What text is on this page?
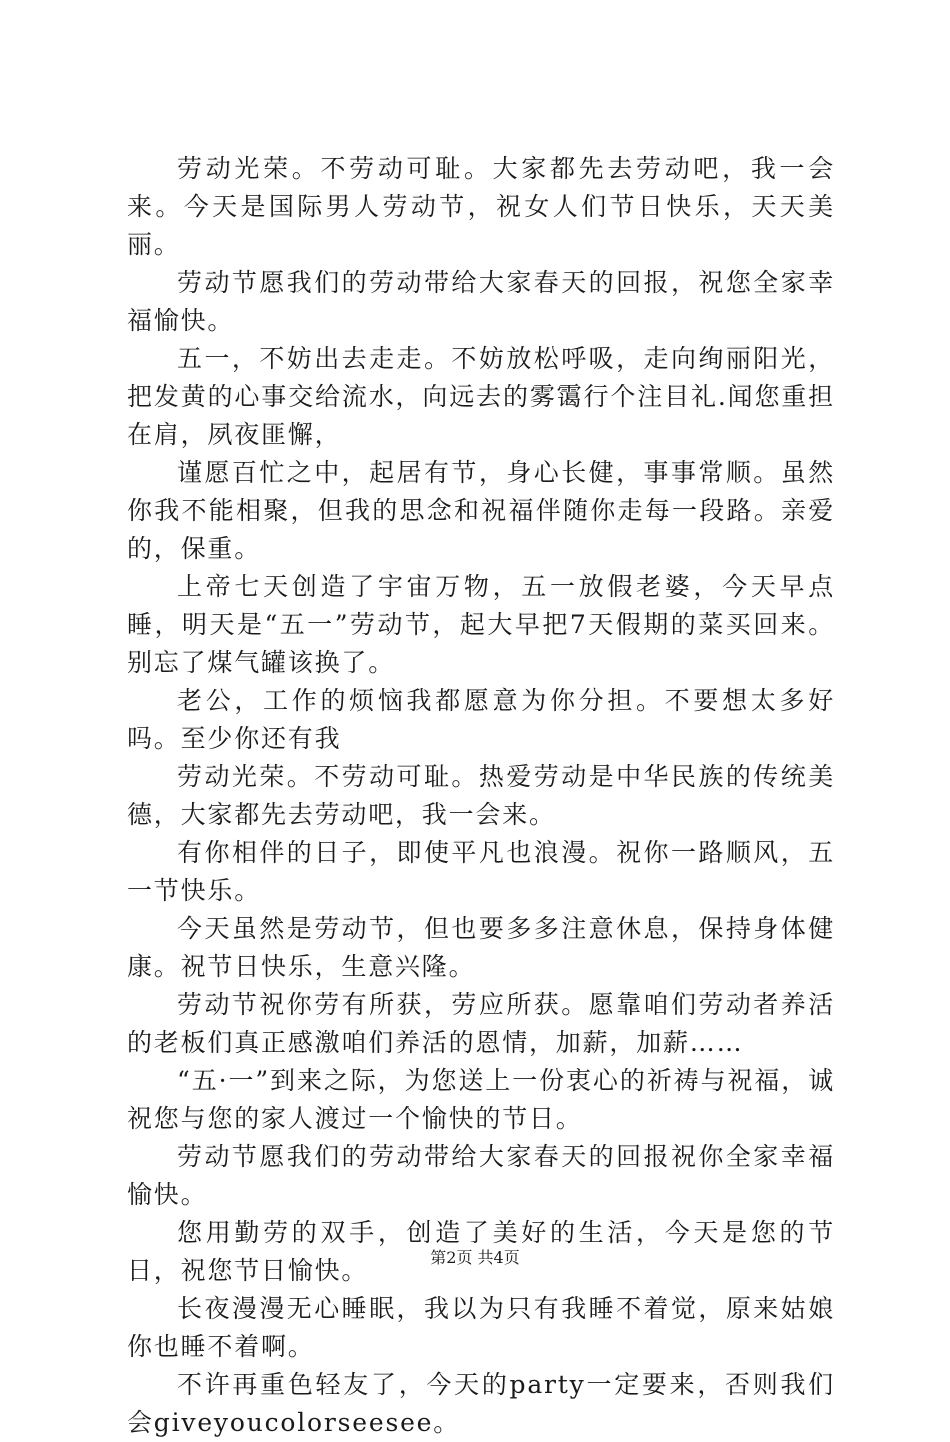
劳动光荣。不劳动可耻。大家都先去劳动吧，我一会来。今天是国际男人劳动节，祝女人们节日快乐，天天美丽。

劳动节愿我们的劳动带给大家春天的回报，祝您全家幸福愉快。

五一，不妨出去走走。不妨放松呼吸，走向绚丽阳光，把发黄的心事交给流水，向远去的雾霭行个注目礼.闻您重担在肩，夙夜匪懈，

谨愿百忙之中，起居有节，身心长健，事事常顺。虽然你我不能相聚，但我的思念和祝福伴随你走每一段路。亲爱的，保重。

上帝七天创造了宇宙万物，五一放假老婆，今天早点睡，明天是“五一”劳动节，起大早把7天假期的菜买回来。别忘了煤气罐该换了。

老公，工作的烦恼我都愿意为你分担。不要想太多好吗。至少你还有我

劳动光荣。不劳动可耻。热爱劳动是中华民族的传统美德，大家都先去劳动吧，我一会来。

有你相伴的日子，即使平凡也浪漫。祝你一路顺风，五一节快乐。

今天虽然是劳动节，但也要多多注意休息，保持身体健康。祝节日快乐，生意兴隆。

劳动节祝你劳有所获，劳应所获。愿靠咱们劳动者养活的老板们真正感激咱们养活的恩情，加薪，加薪……

“五·一”到来之际，为您送上一份衷心的祈祷与祝福，诚祝您与您的家人渡过一个愉快的节日。

劳动节愿我们的劳动带给大家春天的回报祝你全家幸福愉快。

您用勤劳的双手，创造了美好的生活，今天是您的节日，祝您节日愉快。

长夜漫漫无心睡眠，我以为只有我睡不着觉，原来姑娘你也睡不着啊。

不许再重色轻友了，今天的party一定要来，否则我们会giveyoucolorseesee。

第2页 共4页
